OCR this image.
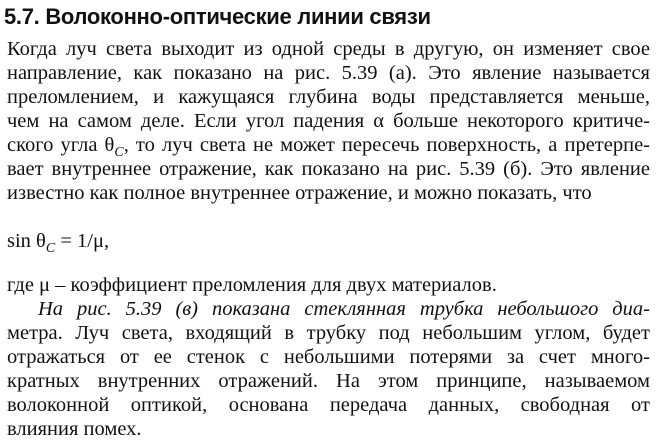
5.7. Волоконно-оптические линии связи
Когда луч света выходит из одной среды в другую, он изменяет свое
направление, как показано на рис. 5.39 (а). Это явление называется
преломлением, и кажущаяся глубина воды представляется меньше,
чем на самом деле. Если угол падения α больше некоторого критиче-
ского угла $\theta_C$, то луч света не может пересечь поверхность, а претерпе-
вает внутреннее отражение, как показано на рис. 5.39 (б). Это явление
известно как полное внутреннее отражение, и можно показать, что
$\sin \theta_C = 1/\mu$,
где μ – коэффициент преломления для двух материалов.
На рис. 5.39 (в) показана стеклянная трубка небольшого диа-
метра. Луч света, входящий в трубку под небольшим углом, будет
отражаться от ее стенок с небольшими потерями за счет много-
кратных внутренних отражений. На этом принципе, называемом
волоконной оптикой, основана передача данных, свободная от
влияния помех.
